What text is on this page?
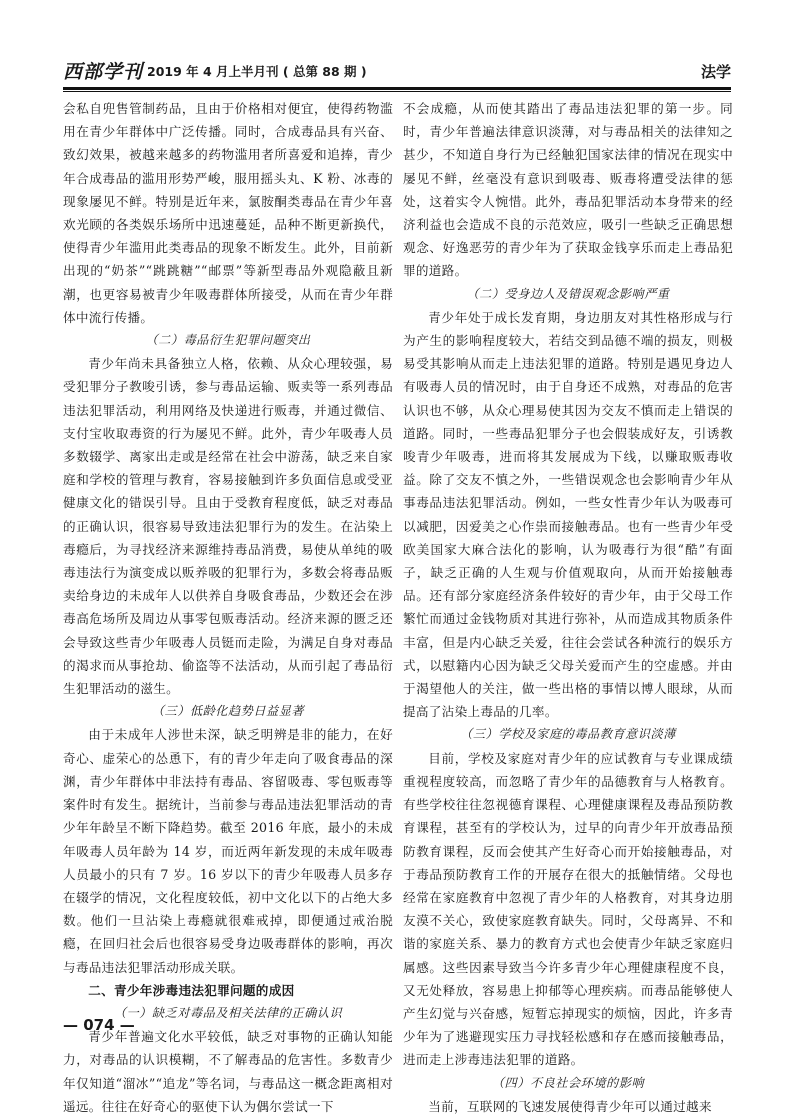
西部学刊 2019 年 4 月上半月刊 ( 总第 88 期 )	法学

会私自兜售管制药品，且由于价格相对便宜，使得药物滥用在青少年群体中广泛传播。同时，合成毒品具有兴奋、致幻效果，被越来越多的药物滥用者所喜爱和追捧，青少年合成毒品的滥用形势严峻，服用摇头丸、K 粉、冰毒的现象屡见不鲜。特别是近年来，氯胺酮类毒品在青少年喜欢光顾的各类娱乐场所中迅速蔓延，品种不断更新换代，使得青少年滥用此类毒品的现象不断发生。此外，目前新出现的“奶茶”“跳跳糖”“邮票”等新型毒品外观隐蔽且新潮，也更容易被青少年吸毒群体所接受，从而在青少年群体中流行传播。

（二）毒品衍生犯罪问题突出

青少年尚未具备独立人格，依赖、从众心理较强，易受犯罪分子教唆引诱，参与毒品运输、贩卖等一系列毒品违法犯罪活动，利用网络及快递进行贩毒，并通过微信、支付宝收取毒资的行为屡见不鲜。此外，青少年吸毒人员多数辍学、离家出走或是经常在社会中游荡，缺乏来自家庭和学校的管理与教育，容易接触到许多负面信息或受亚健康文化的错误引导。且由于受教育程度低，缺乏对毒品的正确认识，很容易导致违法犯罪行为的发生。在沾染上毒瘾后，为寻找经济来源维持毒品消费，易使从单纯的吸毒违法行为演变成以贩养吸的犯罪行为，多数会将毒品贩卖给身边的未成年人以供养自身吸食毒品，少数还会在涉毒高危场所及周边从事零包贩毒活动。经济来源的匮乏还会导致这些青少年吸毒人员铤而走险，为满足自身对毒品的渴求而从事抢劫、偷盗等不法活动，从而引起了毒品衍生犯罪活动的滋生。

（三）低龄化趋势日益显著

由于未成年人涉世未深，缺乏明辨是非的能力，在好奇心、虚荣心的怂恿下，有的青少年走向了吸食毒品的深渊，青少年群体中非法持有毒品、容留吸毒、零包贩毒等案件时有发生。据统计，当前参与毒品违法犯罪活动的青少年年龄呈不断下降趋势。截至 2016 年底，最小的未成年吸毒人员年龄为 14 岁，而近两年新发现的未成年吸毒人员最小的只有 7 岁。16 岁以下的青少年吸毒人员多存在辍学的情况，文化程度较低，初中文化以下的占绝大多数。他们一旦沾染上毒瘾就很难戒掉，即便通过戒治脱瘾，在回归社会后也很容易受身边吸毒群体的影响，再次与毒品违法犯罪活动形成关联。

二、青少年涉毒违法犯罪问题的成因
（一）缺乏对毒品及相关法律的正确认识

青少年普遍文化水平较低，缺乏对事物的正确认知能力，对毒品的认识模糊，不了解毒品的危害性。多数青少年仅知道“溜冰”“追龙”等名词，与毒品这一概念距离相对遥远。往往在好奇心的驱使下认为偶尔尝试一下

不会成瘾，从而使其踏出了毒品违法犯罪的第一步。同时，青少年普遍法律意识淡薄，对与毒品相关的法律知之甚少，不知道自身行为已经触犯国家法律的情况在现实中屡见不鲜，丝毫没有意识到吸毒、贩毒将遭受法律的惩处，这着实令人惋惜。此外，毒品犯罪活动本身带来的经济利益也会造成不良的示范效应，吸引一些缺乏正确思想观念、好逸恶劳的青少年为了获取金钱享乐而走上毒品犯罪的道路。

（二）受身边人及错误观念影响严重

青少年处于成长发育期，身边朋友对其性格形成与行为产生的影响程度较大，若结交到品德不端的损友，则极易受其影响从而走上违法犯罪的道路。特别是遇见身边人有吸毒人员的情况时，由于自身还不成熟，对毒品的危害认识也不够，从众心理易使其因为交友不慎而走上错误的道路。同时，一些毒品犯罪分子也会假装成好友，引诱教唆青少年吸毒，进而将其发展成为下线，以赚取贩毒收益。除了交友不慎之外，一些错误观念也会影响青少年从事毒品违法犯罪活动。例如，一些女性青少年认为吸毒可以减肥，因爱美之心作祟而接触毒品。也有一些青少年受欧美国家大麻合法化的影响，认为吸毒行为很“酷”有面子，缺乏正确的人生观与价值观取向，从而开始接触毒品。还有部分家庭经济条件较好的青少年，由于父母工作繁忙而通过金钱物质对其进行弥补，从而造成其物质条件丰富，但是内心缺乏关爱，往往会尝试各种流行的娱乐方式，以慰籍内心因为缺乏父母关爱而产生的空虚感。并由于渴望他人的关注，做一些出格的事情以博人眼球，从而提高了沾染上毒品的几率。

（三）学校及家庭的毒品教育意识淡薄

目前，学校及家庭对青少年的应试教育与专业课成绩重视程度较高，而忽略了青少年的品德教育与人格教育。有些学校往往忽视德育课程、心理健康课程及毒品预防教育课程，甚至有的学校认为，过早的向青少年开放毒品预防教育课程，反而会使其产生好奇心而开始接触毒品，对于毒品预防教育工作的开展存在很大的抵触情绪。父母也经常在家庭教育中忽视了青少年的人格教育，对其身边朋友漠不关心，致使家庭教育缺失。同时，父母离异、不和谐的家庭关系、暴力的教育方式也会使青少年缺乏家庭归属感。这些因素导致当今许多青少年心理健康程度不良，又无处释放，容易患上抑郁等心理疾病。而毒品能够使人产生幻觉与兴奋感，短暂忘掉现实的烦恼，因此，许多青少年为了逃避现实压力寻找轻松感和存在感而接触毒品，进而走上涉毒违法犯罪的道路。

（四）不良社会环境的影响

当前，互联网的飞速发展使得青少年可以通过越来

— 074 —
